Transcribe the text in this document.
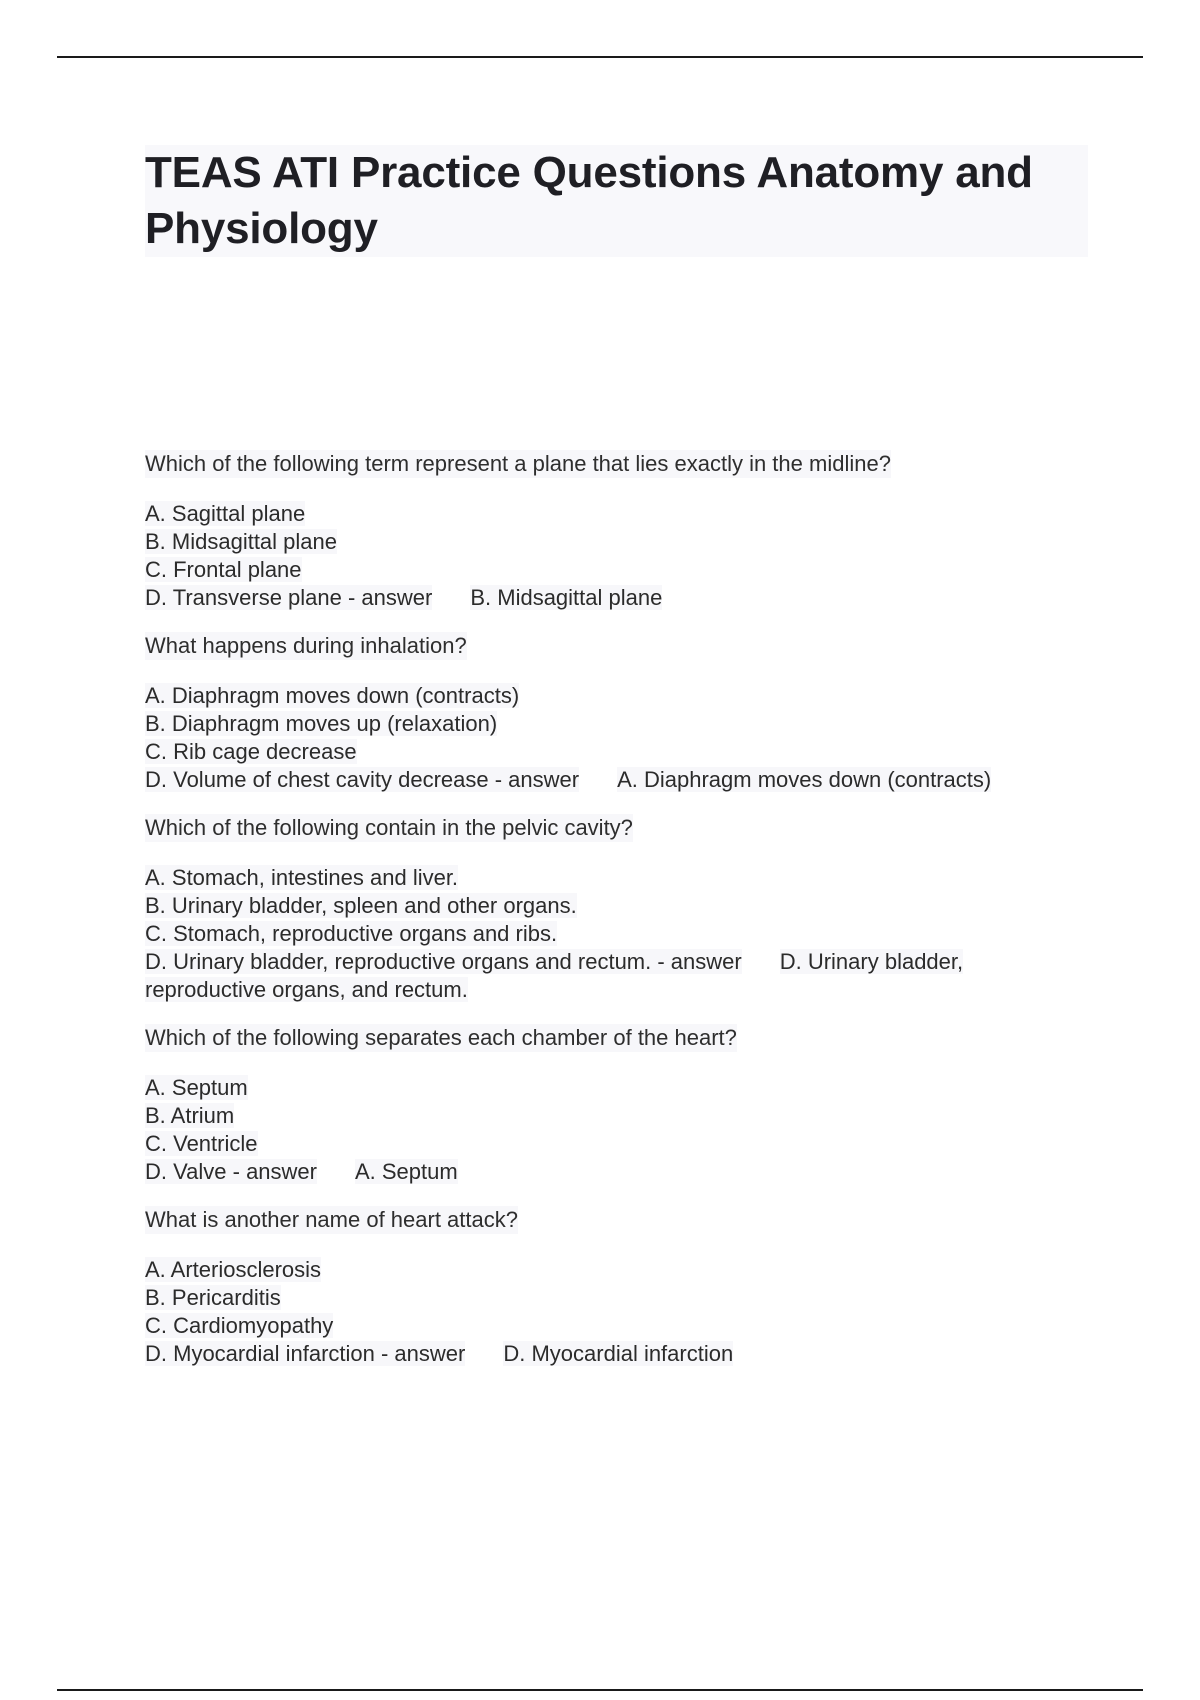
TEAS ATI Practice Questions Anatomy and Physiology
Which of the following term represent a plane that lies exactly in the midline?
A. Sagittal plane
B. Midsagittal plane
C. Frontal plane
D. Transverse plane - answer B. Midsagittal plane
What happens during inhalation?
A. Diaphragm moves down (contracts)
B. Diaphragm moves up (relaxation)
C. Rib cage decrease
D. Volume of chest cavity decrease - answer A. Diaphragm moves down (contracts)
Which of the following contain in the pelvic cavity?
A. Stomach, intestines and liver.
B. Urinary bladder, spleen and other organs.
C. Stomach, reproductive organs and ribs.
D. Urinary bladder, reproductive organs and rectum. - answer D. Urinary bladder, reproductive organs, and rectum.
Which of the following separates each chamber of the heart?
A. Septum
B. Atrium
C. Ventricle
D. Valve - answer A. Septum
What is another name of heart attack?
A. Arteriosclerosis
B. Pericarditis
C. Cardiomyopathy
D. Myocardial infarction - answer D. Myocardial infarction
